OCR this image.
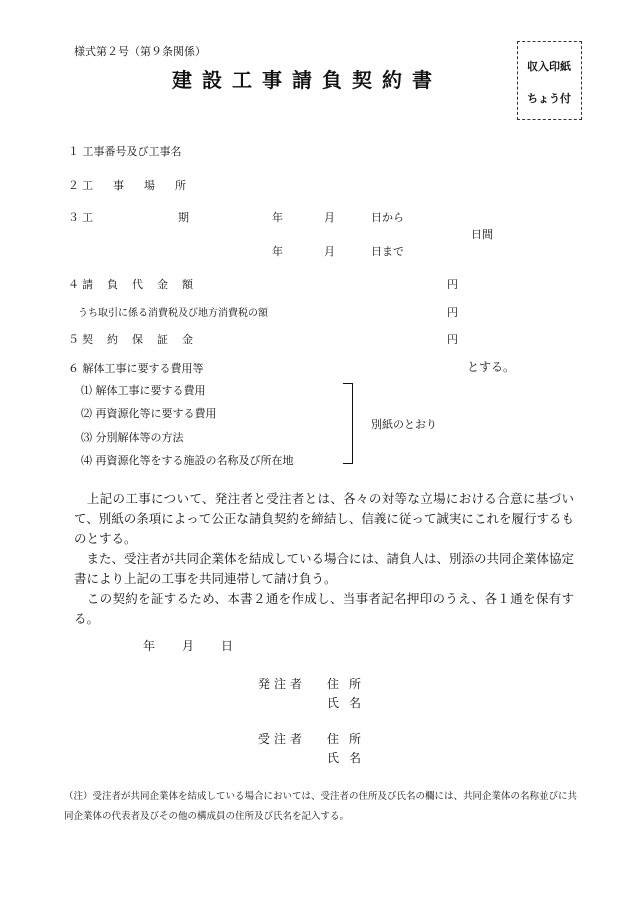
様式第２号（第９条関係）
建設工事請負契約書
収入印紙
ちょう付
１ 工事番号及び工事名
２ 工事場所
３ 工	期	年	月	日から
日間
年	月	日まで
４ 請負代金額	円
うち取引に係る消費税及び地方消費税の額	円
５ 契約保証金	円
６ 解体工事に要する費用等	とする。
⑴ 解体工事に要する費用
⑵ 再資源化等に要する費用
⑶ 分別解体等の方法
⑷ 再資源化等をする施設の名称及び所在地
別紙のとおり
　上記の工事について、発注者と受注者とは、各々の対等な立場における合意に基づいて、別紙の条項によって公正な請負契約を締結し、信義に従って誠実にこれを履行するものとする。
　また、受注者が共同企業体を結成している場合には、請負人は、別添の共同企業体協定書により上記の工事を共同連帯して請け負う。
　この契約を証するため、本書２通を作成し、当事者記名押印のうえ、各１通を保有する。
年 月 日
発注者 住所
氏名
受注者 住所
氏名
（注）受注者が共同企業体を結成している場合においては、受注者の住所及び氏名の欄には、共同企業体の名称並びに共同企業体の代表者及びその他の構成員の住所及び氏名を記入する。
